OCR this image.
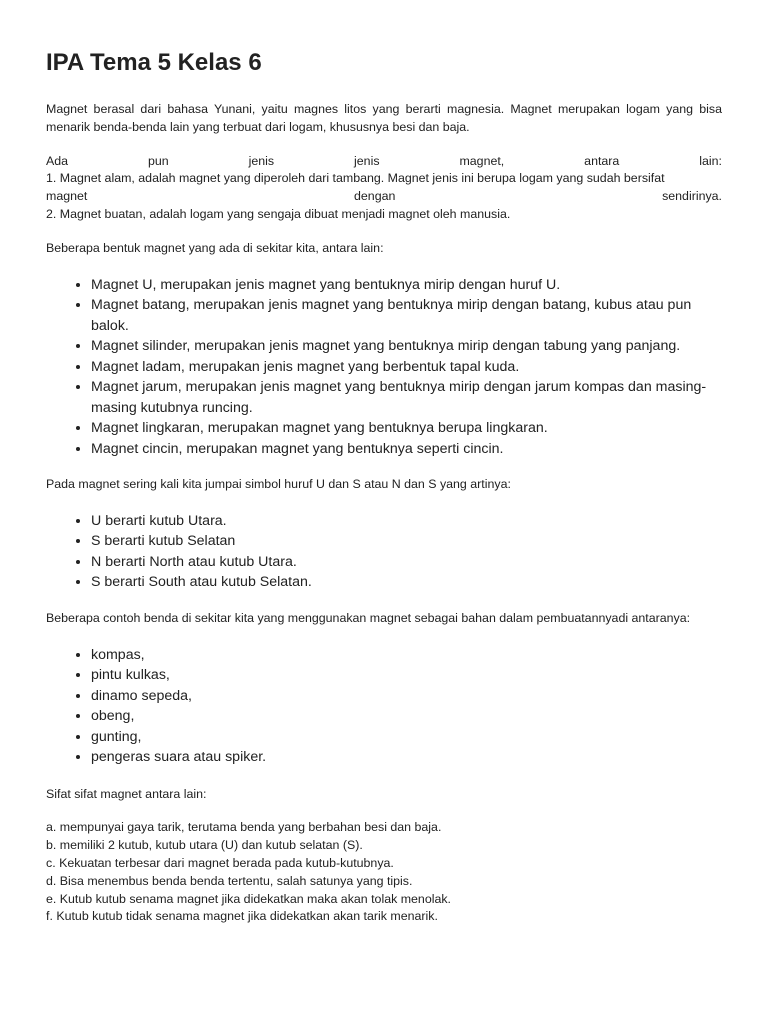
IPA Tema 5 Kelas 6

Magnet berasal dari bahasa Yunani, yaitu magnes litos yang berarti magnesia. Magnet merupakan logam yang bisa menarik benda-benda lain yang terbuat dari logam, khususnya besi dan baja.

Ada pun jenis jenis magnet, antara lain:

1. Magnet alam, adalah magnet yang diperoleh dari tambang. Magnet jenis ini berupa logam yang sudah bersifat

magnet dengan sendirinya.

2. Magnet buatan, adalah logam yang sengaja dibuat menjadi magnet oleh manusia.

Beberapa bentuk magnet yang ada di sekitar kita, antara lain:

• Magnet U, merupakan jenis magnet yang bentuknya mirip dengan huruf U.
• Magnet batang, merupakan jenis magnet yang bentuknya mirip dengan batang, kubus atau pun balok.
• Magnet silinder, merupakan jenis magnet yang bentuknya mirip dengan tabung yang panjang.
• Magnet ladam, merupakan jenis magnet yang berbentuk tapal kuda.
• Magnet jarum, merupakan jenis magnet yang bentuknya mirip dengan jarum kompas dan masing-masing kutubnya runcing.
• Magnet lingkaran, merupakan magnet yang bentuknya berupa lingkaran.
• Magnet cincin, merupakan magnet yang bentuknya seperti cincin.

Pada magnet sering kali kita jumpai simbol huruf U dan S atau N dan S yang artinya:

• U berarti kutub Utara.
• S berarti kutub Selatan
• N berarti North atau kutub Utara.
• S berarti South atau kutub Selatan.

Beberapa contoh benda di sekitar kita yang menggunakan magnet sebagai bahan dalam pembuatannyadi antaranya:

• kompas,
• pintu kulkas,
• dinamo sepeda,
• obeng,
• gunting,
• pengeras suara atau spiker.

Sifat sifat magnet antara lain:

a. mempunyai gaya tarik, terutama benda yang berbahan besi dan baja.

b. memiliki 2 kutub, kutub utara (U) dan kutub selatan (S).

c. Kekuatan terbesar dari magnet berada pada kutub-kutubnya.

d. Bisa menembus benda benda tertentu, salah satunya yang tipis.

e. Kutub kutub senama magnet jika didekatkan maka akan tolak menolak.

f. Kutub kutub tidak senama magnet jika didekatkan akan tarik menarik.
